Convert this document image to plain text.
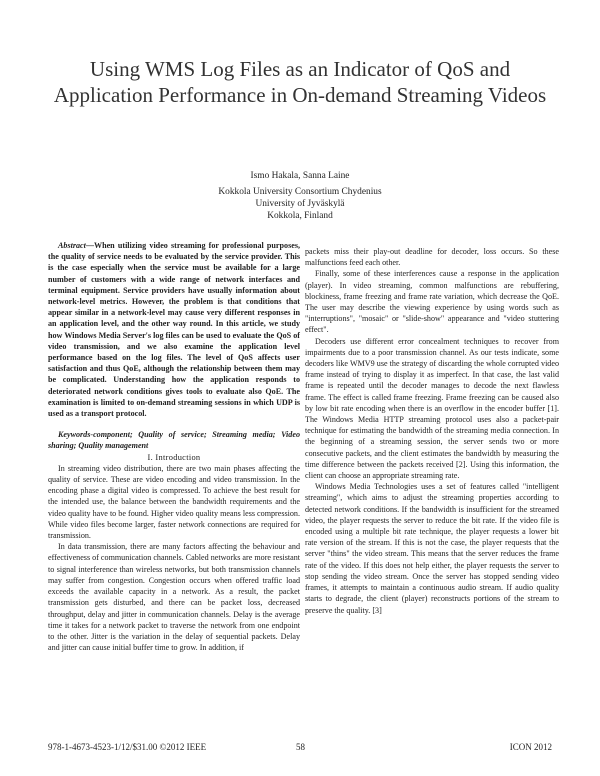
Using WMS Log Files as an Indicator of QoS and Application Performance in On-demand Streaming Videos
Ismo Hakala, Sanna Laine
Kokkola University Consortium Chydenius
University of Jyväskylä
Kokkola, Finland

Abstract—When utilizing video streaming for professional purposes, the quality of service needs to be evaluated by the service provider. This is the case especially when the service must be available for a large number of customers with a wide range of network interfaces and terminal equipment. Service providers have usually information about network-level metrics. However, the problem is that conditions that appear similar in a network-level may cause very different responses in an application level, and the other way round. In this article, we study how Windows Media Server's log files can be used to evaluate the QoS of video transmission, and we also examine the application level performance based on the log files. The level of QoS affects user satisfaction and thus QoE, although the relationship between them may be complicated. Understanding how the application responds to deteriorated network conditions gives tools to evaluate also QoE. The examination is limited to on-demand streaming sessions in which UDP is used as a transport protocol.

Keywords-component; Quality of service; Streaming media; Video sharing; Quality management

I. Introduction

In streaming video distribution, there are two main phases affecting the quality of service. These are video encoding and video transmission. In the encoding phase a digital video is compressed. To achieve the best result for the intended use, the balance between the bandwidth requirements and the video quality have to be found. Higher video quality means less compression. While video files become larger, faster network connections are required for transmission.

In data transmission, there are many factors affecting the behaviour and effectiveness of communication channels. Cabled networks are more resistant to signal interference than wireless networks, but both transmission channels may suffer from congestion. Congestion occurs when offered traffic load exceeds the available capacity in a network. As a result, the packet transmission gets disturbed, and there can be packet loss, decreased throughput, delay and jitter in communication channels. Delay is the average time it takes for a network packet to traverse the network from one endpoint to the other. Jitter is the variation in the delay of sequential packets. Delay and jitter can cause initial buffer time to grow. In addition, if

packets miss their play-out deadline for decoder, loss occurs. So these malfunctions feed each other.

Finally, some of these interferences cause a response in the application (player). In video streaming, common malfunctions are rebuffering, blockiness, frame freezing and frame rate variation, which decrease the QoE. The user may describe the viewing experience by using words such as "interruptions", "mosaic" or "slide-show" appearance and "video stuttering effect".

Decoders use different error concealment techniques to recover from impairments due to a poor transmission channel. As our tests indicate, some decoders like WMV9 use the strategy of discarding the whole corrupted video frame instead of trying to display it as imperfect. In that case, the last valid frame is repeated until the decoder manages to decode the next flawless frame. The effect is called frame freezing. Frame freezing can be caused also by low bit rate encoding when there is an overflow in the encoder buffer [1]. The Windows Media HTTP streaming protocol uses also a packet-pair technique for estimating the bandwidth of the streaming media connection. In the beginning of a streaming session, the server sends two or more consecutive packets, and the client estimates the bandwidth by measuring the time difference between the packets received [2]. Using this information, the client can choose an appropriate streaming rate.

Windows Media Technologies uses a set of features called "intelligent streaming", which aims to adjust the streaming properties according to detected network conditions. If the bandwidth is insufficient for the streamed video, the player requests the server to reduce the bit rate. If the video file is encoded using a multiple bit rate technique, the player requests a lower bit rate version of the stream. If this is not the case, the player requests that the server "thins" the video stream. This means that the server reduces the frame rate of the video. If this does not help either, the player requests the server to stop sending the video stream. Once the server has stopped sending video frames, it attempts to maintain a continuous audio stream. If audio quality starts to degrade, the client (player) reconstructs portions of the stream to preserve the quality. [3]

978-1-4673-4523-1/12/$31.00 ©2012 IEEE	58	ICON 2012
